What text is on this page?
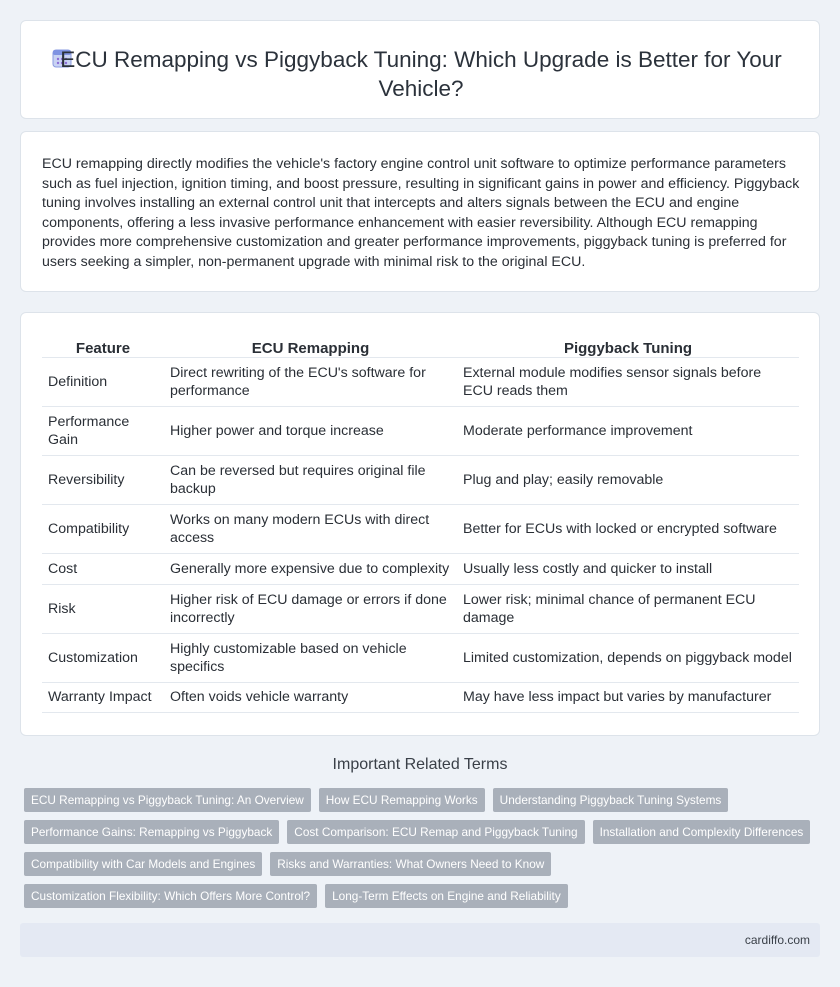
ECU Remapping vs Piggyback Tuning: Which Upgrade is Better for Your Vehicle?

ECU remapping directly modifies the vehicle's factory engine control unit software to optimize performance parameters such as fuel injection, ignition timing, and boost pressure, resulting in significant gains in power and efficiency. Piggyback tuning involves installing an external control unit that intercepts and alters signals between the ECU and engine components, offering a less invasive performance enhancement with easier reversibility. Although ECU remapping provides more comprehensive customization and greater performance improvements, piggyback tuning is preferred for users seeking a simpler, non-permanent upgrade with minimal risk to the original ECU.

Feature	ECU Remapping	Piggyback Tuning
Definition	Direct rewriting of the ECU's software for performance	External module modifies sensor signals before ECU reads them
Performance Gain	Higher power and torque increase	Moderate performance improvement
Reversibility	Can be reversed but requires original file backup	Plug and play; easily removable
Compatibility	Works on many modern ECUs with direct access	Better for ECUs with locked or encrypted software
Cost	Generally more expensive due to complexity	Usually less costly and quicker to install
Risk	Higher risk of ECU damage or errors if done incorrectly	Lower risk; minimal chance of permanent ECU damage
Customization	Highly customizable based on vehicle specifics	Limited customization, depends on piggyback model
Warranty Impact	Often voids vehicle warranty	May have less impact but varies by manufacturer
Important Related Terms
ECU Remapping vs Piggyback Tuning: An Overview	How ECU Remapping Works	Understanding Piggyback Tuning Systems
Performance Gains: Remapping vs Piggyback	Cost Comparison: ECU Remap and Piggyback Tuning	Installation and Complexity Differences
Compatibility with Car Models and Engines	Risks and Warranties: What Owners Need to Know
Customization Flexibility: Which Offers More Control?	Long-Term Effects on Engine and Reliability
cardiffo.com
